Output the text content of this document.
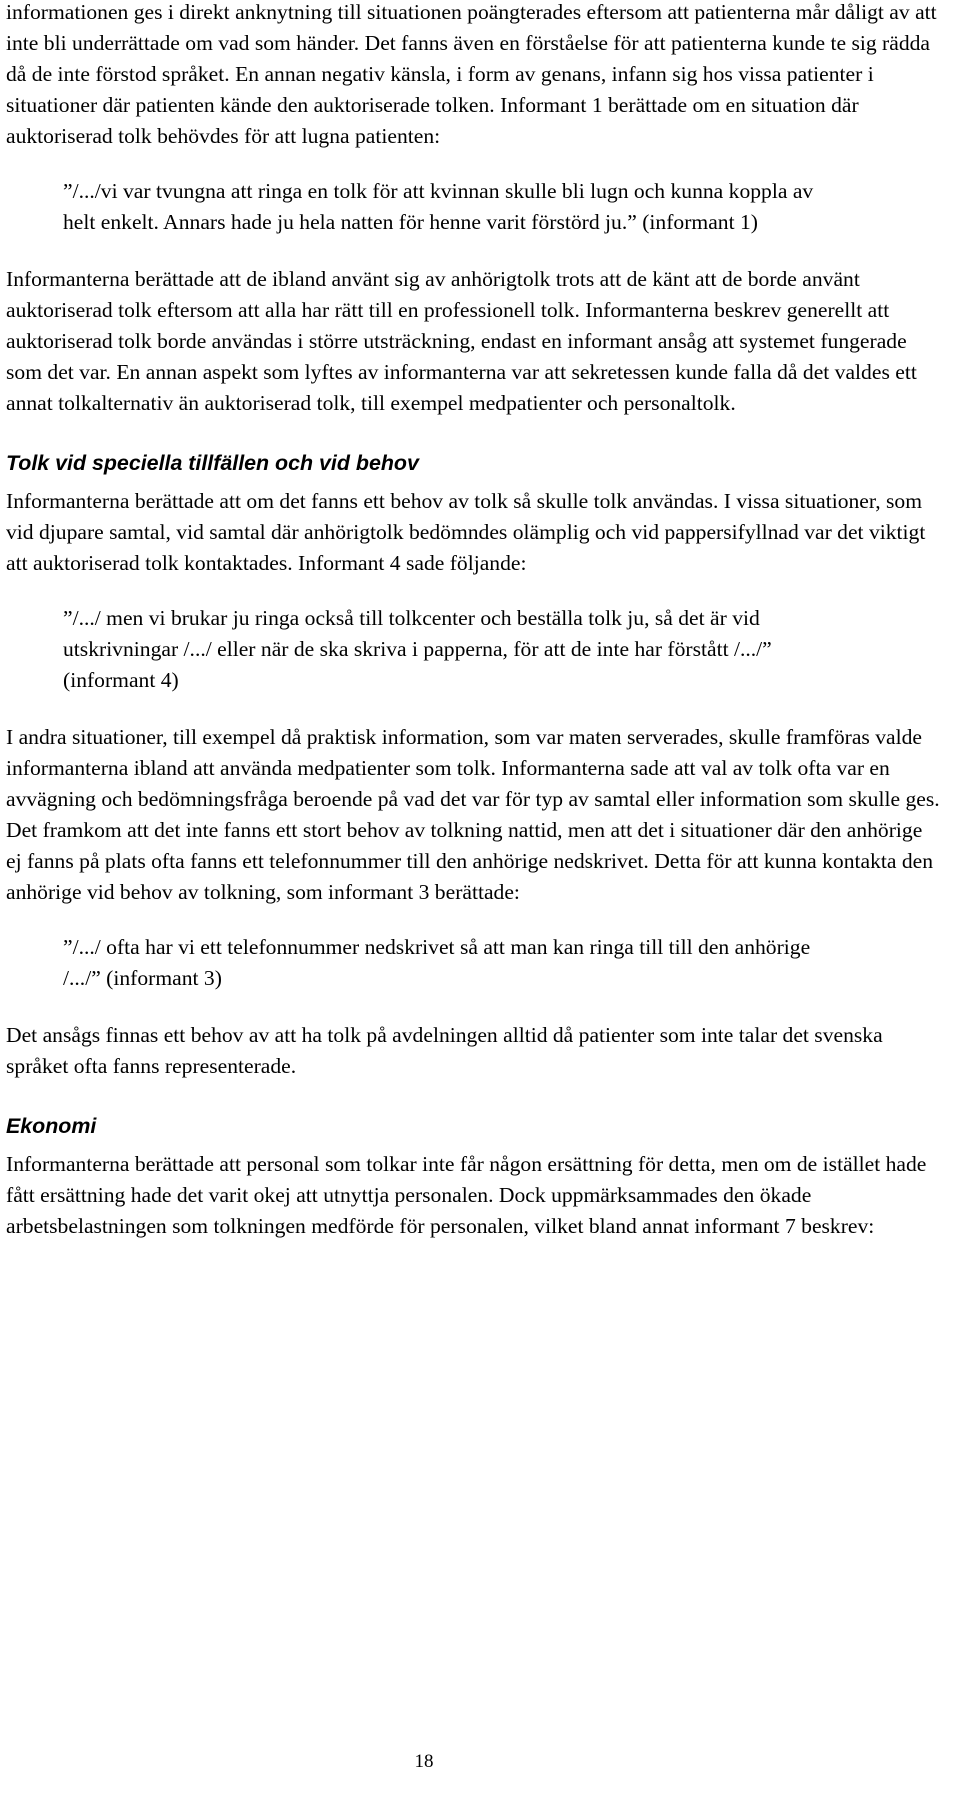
informationen ges i direkt anknytning till situationen poängterades eftersom att patienterna mår dåligt av att inte bli underrättade om vad som händer. Det fanns även en förståelse för att patienterna kunde te sig rädda då de inte förstod språket. En annan negativ känsla, i form av genans, infann sig hos vissa patienter i situationer där patienten kände den auktoriserade tolken. Informant 1 berättade om en situation där auktoriserad tolk behövdes för att lugna patienten:

”/.../vi var tvungna att ringa en tolk för att kvinnan skulle bli lugn och kunna koppla av helt enkelt. Annars hade ju hela natten för henne varit förstörd ju.” (informant 1)

Informanterna berättade att de ibland använt sig av anhörigtolk trots att de känt att de borde använt auktoriserad tolk eftersom att alla har rätt till en professionell tolk. Informanterna beskrev generellt att auktoriserad tolk borde användas i större utsträckning, endast en informant ansåg att systemet fungerade som det var. En annan aspekt som lyftes av informanterna var att sekretessen kunde falla då det valdes ett annat tolkalternativ än auktoriserad tolk, till exempel medpatienter och personaltolk.

Tolk vid speciella tillfällen och vid behov

Informanterna berättade att om det fanns ett behov av tolk så skulle tolk användas. I vissa situationer, som vid djupare samtal, vid samtal där anhörigtolk bedömndes olämplig och vid pappersifyllnad var det viktigt att auktoriserad tolk kontaktades. Informant 4 sade följande:

”/.../ men vi brukar ju ringa också till tolkcenter och beställa tolk ju, så det är vid utskrivningar /.../ eller när de ska skriva i papperna, för att de inte har förstått /.../” (informant 4)

I andra situationer, till exempel då praktisk information, som var maten serverades, skulle framföras valde informanterna ibland att använda medpatienter som tolk. Informanterna sade att val av tolk ofta var en avvägning och bedömningsfråga beroende på vad det var för typ av samtal eller information som skulle ges. Det framkom att det inte fanns ett stort behov av tolkning nattid, men att det i situationer där den anhörige ej fanns på plats ofta fanns ett telefonnummer till den anhörige nedskrivet. Detta för att kunna kontakta den anhörige vid behov av tolkning, som informant 3 berättade:

”/.../ ofta har vi ett telefonnummer nedskrivet så att man kan ringa till till den anhörige /.../” (informant 3)

Det ansågs finnas ett behov av att ha tolk på avdelningen alltid då patienter som inte talar det svenska språket ofta fanns representerade.

Ekonomi

Informanterna berättade att personal som tolkar inte får någon ersättning för detta, men om de istället hade fått ersättning hade det varit okej att utnyttja personalen. Dock uppmärksammades den ökade arbetsbelastningen som tolkningen medförde för personalen, vilket bland annat informant 7 beskrev:

18
